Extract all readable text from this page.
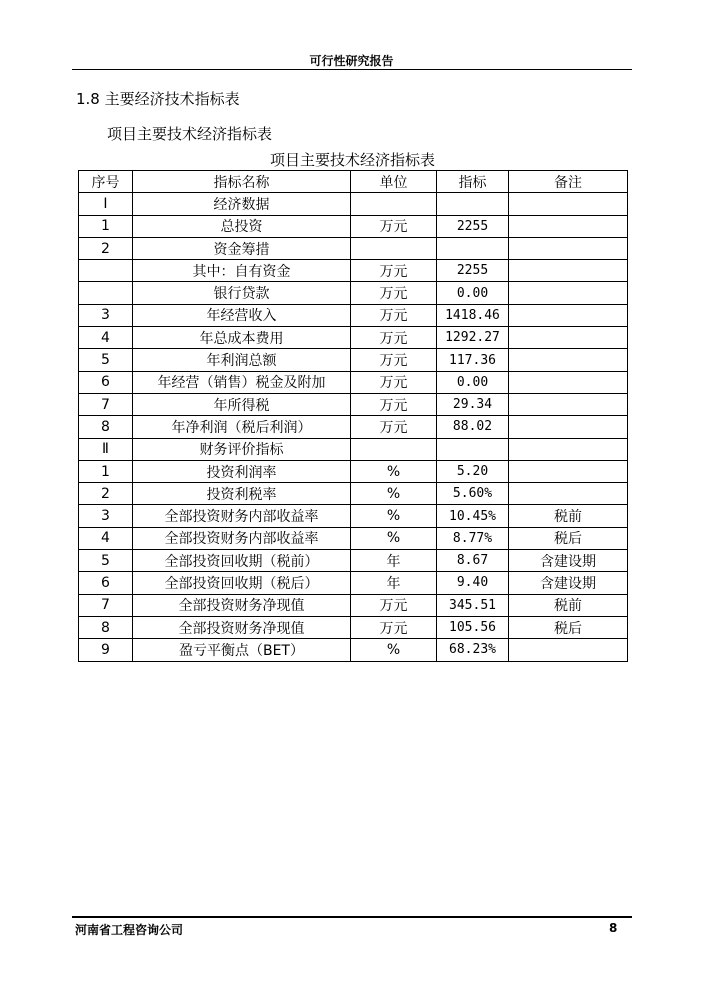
可行性研究报告
1.8 主要经济技术指标表
项目主要技术经济指标表
项目主要技术经济指标表
序号	指标名称	单位	指标	备注
Ⅰ	经济数据			
1	总投资	万元	2255	
2	资金筹措			
	其中：自有资金	万元	2255	
	银行贷款	万元	0.00	
3	年经营收入	万元	1418.46	
4	年总成本费用	万元	1292.27	
5	年利润总额	万元	117.36	
6	年经营（销售）税金及附加	万元	0.00	
7	年所得税	万元	29.34	
8	年净利润（税后利润）	万元	88.02	
Ⅱ	财务评价指标			
1	投资利润率	%	5.20	
2	投资利税率	%	5.60%	
3	全部投资财务内部收益率	%	10.45%	税前
4	全部投资财务内部收益率	%	8.77%	税后
5	全部投资回收期（税前）	年	8.67	含建设期
6	全部投资回收期（税后）	年	9.40	含建设期
7	全部投资财务净现值	万元	345.51	税前
8	全部投资财务净现值	万元	105.56	税后
9	盈亏平衡点（BET）	%	68.23%	
河南省工程咨询公司	8
